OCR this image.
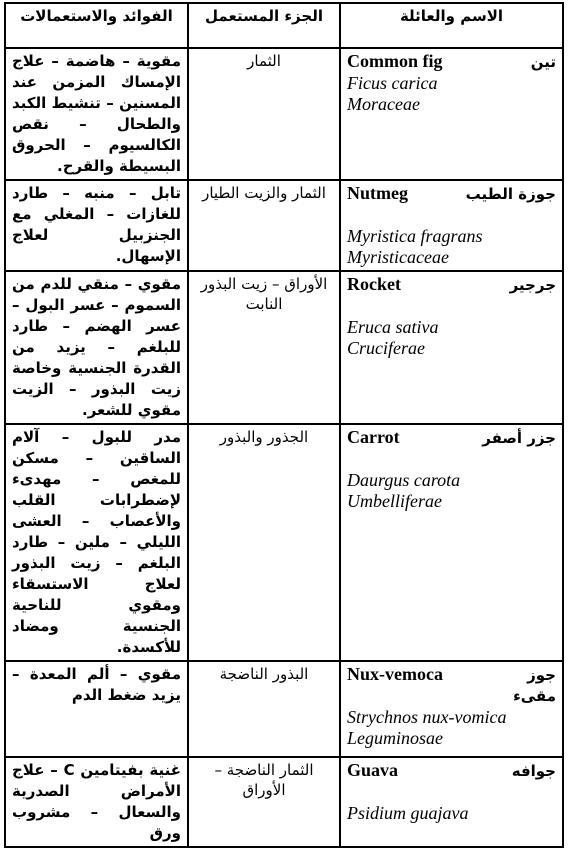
الفوائد والاستعمالات	الجزء المستعمل	الاسم والعائلة
مقوية – هاضمة – علاج الإمساك المزمن عند المسنين – تنشيط الكبد والطحال – نقص الكالسيوم – الحروق البسيطة والقرح.	الثمار	Common fig تين
Ficus carica
Moraceae

تابل – منبه – طارد للغازات – المغلي مع الجنزبيل لعلاج الإسهال.	الثمار والزيت الطيار	Nutmeg جوزة الطيب
Myristica fragrans
Myristicaceae

مقوي – منقي للدم من السموم – عسر البول – عسر الهضم – طارد للبلغم – يزيد من القدرة الجنسية وخاصة زيت البذور – الزيت مقوي للشعر.	الأوراق – زيت البذور النابت	Rocket جرجير
Eruca sativa
Cruciferae

مدر للبول – آلام الساقين – مسكن للمغص – مهدىء لإضطرابات القلب والأعصاب – العشى الليلي – ملين – طارد البلغم – زيت البذور لعلاج الاستسقاء ومقوي للناحية الجنسية ومضاد للأكسدة.	الجذور والبذور	Carrot جزر أصفر
Daurgus carota
Umbelliferae

مقوي – ألم المعدة – يزيد ضغط الدم	البذور الناضجة	Nux-vemoca جوز
مقىء
Strychnos nux-vomica
Leguminosae

غنية بفيتامين C – علاج الأمراض الصدرية والسعال – مشروب ورق	الثمار الناضجة – الأوراق	Guava جوافه
Psidium guajava
